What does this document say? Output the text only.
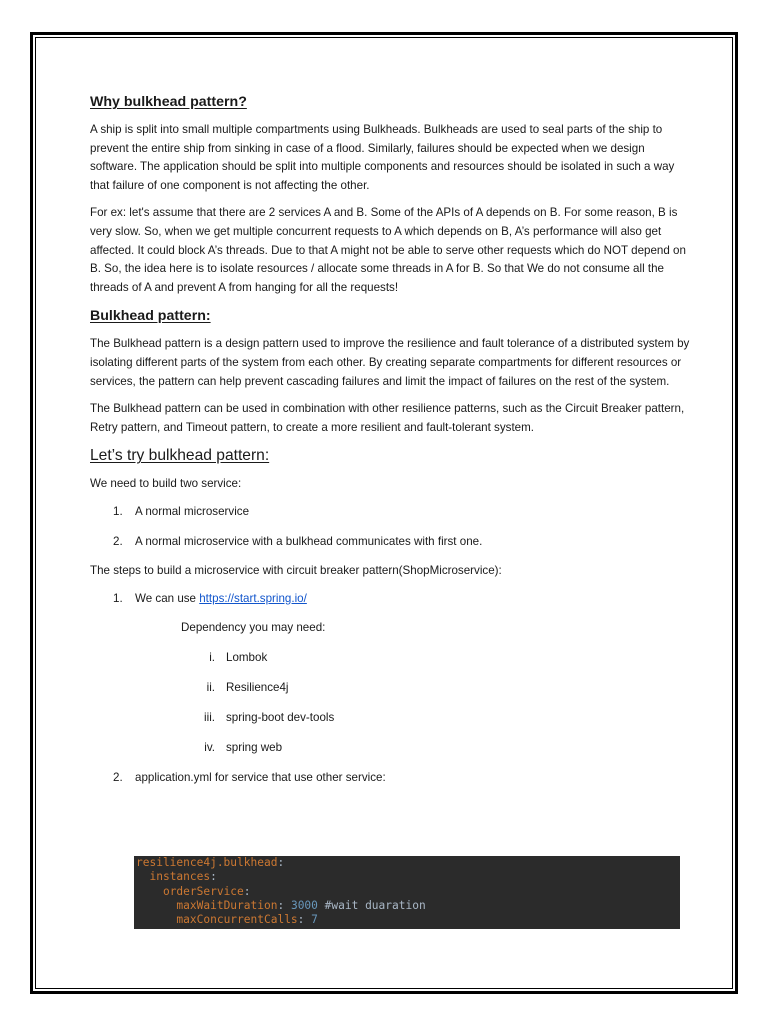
Why bulkhead pattern?

A ship is split into small multiple compartments using Bulkheads. Bulkheads are used to seal parts of the ship to prevent the entire ship from sinking in case of a flood. Similarly, failures should be expected when we design software. The application should be split into multiple components and resources should be isolated in such a way that failure of one component is not affecting the other.

For ex: let's assume that there are 2 services A and B. Some of the APIs of A depends on B. For some reason, B is very slow. So, when we get multiple concurrent requests to A which depends on B, A’s performance will also get affected. It could block A’s threads. Due to that A might not be able to serve other requests which do NOT depend on B. So, the idea here is to isolate resources / allocate some threads in A for B. So that We do not consume all the threads of A and prevent A from hanging for all the requests!

Bulkhead pattern:

The Bulkhead pattern is a design pattern used to improve the resilience and fault tolerance of a distributed system by isolating different parts of the system from each other. By creating separate compartments for different resources or services, the pattern can help prevent cascading failures and limit the impact of failures on the rest of the system.

The Bulkhead pattern can be used in combination with other resilience patterns, such as the Circuit Breaker pattern, Retry pattern, and Timeout pattern, to create a more resilient and fault-tolerant system.

Let’s try bulkhead pattern:

We need to build two service:

1. A normal microservice
2. A normal microservice with a bulkhead communicates with first one.

The steps to build a microservice with circuit breaker pattern(ShopMicroservice):

1. We can use https://start.spring.io/
Dependency you may need:
i. Lombok
ii. Resilience4j
iii. spring-boot dev-tools
iv. spring web
2. application.yml for service that use other service:
resilience4j.bulkhead:
instances:
orderService:
maxWaitDuration: 3000 #wait duaration
maxConcurrentCalls: 7
